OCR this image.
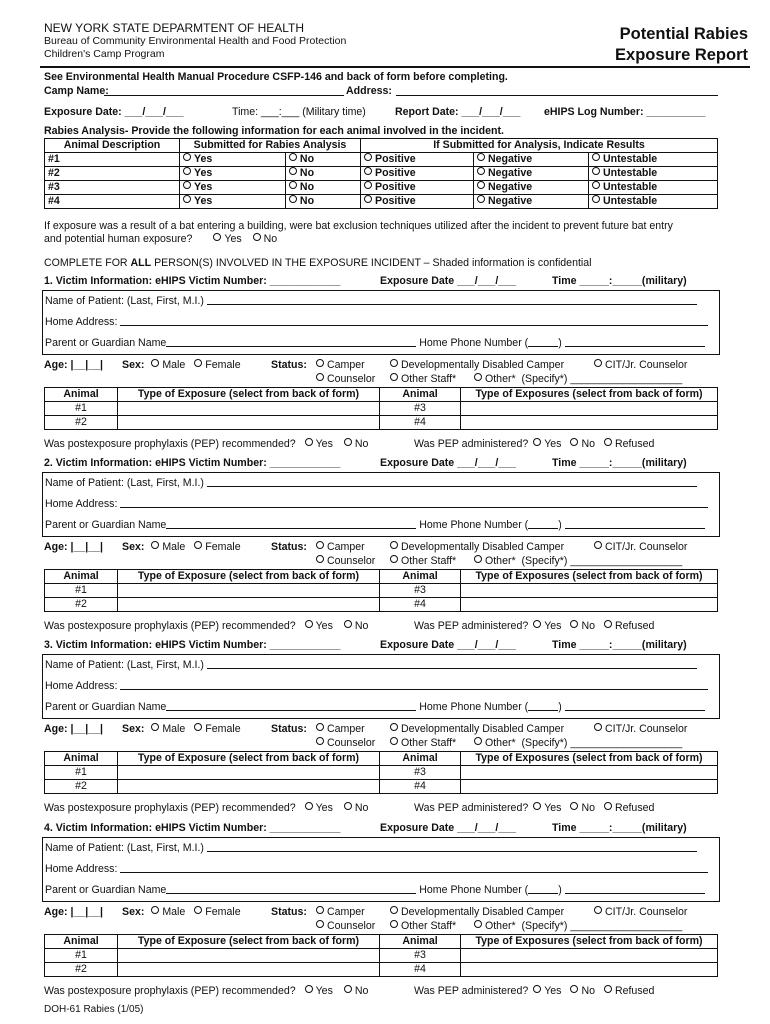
NEW YORK STATE DEPARMTENT OF HEALTH
Bureau of Community Environmental Health and Food Protection
Children's Camp Program
Potential Rabies
Exposure Report
See Environmental Health Manual Procedure CSFP-146 and back of form before completing.
Camp Name:	Address:
Exposure Date: ___/___/___	Time: ___:___ (Military time)	Report Date: ___/___/___ eHIPS Log Number: __________
Rabies Analysis- Provide the following information for each animal involved in the incident.
Animal Description	Submitted for Rabies Analysis		If Submitted for Analysis, Indicate Results		
#1	Yes	No	Positive	Negative	Untestable
#2	Yes	No	Positive	Negative	Untestable
#3	Yes	No	Positive	Negative	Untestable
#4	Yes	No	Positive	Negative	Untestable
If exposure was a result of a bat entering a building, were bat exclusion techniques utilized after the incident to prevent future bat entry
and potential human exposure?	Yes No
COMPLETE FOR ALL PERSON(S) INVOLVED IN THE EXPOSURE INCIDENT – Shaded information is confidential
1. Victim Information: eHIPS Victim Number: ____________	Exposure Date ___/___/___	Time _____:_____(military)
Name of Patient: (Last, First, M.I.)
Home Address:
Parent or Guardian Name	Home Phone Number (	)
Age: |__|__| Sex: Male Female	Status:	Camper
Counselor
Developmentally Disabled Camper	CIT/Jr. Counselor
Other Staff*	Other* (Specify*) ___________________
Animal	Type of Exposure (select from back of form)	Animal	Type of Exposures (select from back of form)
#1		#3	
#2		#4	
Was postexposure prophylaxis (PEP) recommended? Yes No	Was PEP administered? Yes No Refused
2. Victim Information: eHIPS Victim Number: ____________	Exposure Date ___/___/___	Time _____:_____(military)
Name of Patient: (Last, First, M.I.)
Home Address:
Parent or Guardian Name	Home Phone Number (	)
Age: |__|__| Sex: Male Female	Status:	Camper
Counselor
Developmentally Disabled Camper	CIT/Jr. Counselor
Other Staff*	Other* (Specify*) ___________________
Animal	Type of Exposure (select from back of form)	Animal	Type of Exposures (select from back of form)
#1		#3	
#2		#4	
Was postexposure prophylaxis (PEP) recommended? Yes No	Was PEP administered? Yes No Refused
3. Victim Information: eHIPS Victim Number: ____________	Exposure Date ___/___/___	Time _____:_____(military)
Name of Patient: (Last, First, M.I.)
Home Address:
Parent or Guardian Name	Home Phone Number (	)
Age: |__|__| Sex: Male Female	Status:	Camper
Counselor
Developmentally Disabled Camper	CIT/Jr. Counselor
Other Staff*	Other* (Specify*) ___________________
Animal	Type of Exposure (select from back of form)	Animal	Type of Exposures (select from back of form)
#1		#3	
#2		#4	
Was postexposure prophylaxis (PEP) recommended? Yes No	Was PEP administered? Yes No Refused
4. Victim Information: eHIPS Victim Number: ____________	Exposure Date ___/___/___	Time _____:_____(military)
Name of Patient: (Last, First, M.I.)
Home Address:
Parent or Guardian Name	Home Phone Number (	)
Age: |__|__| Sex: Male Female	Status:	Camper
Counselor
Developmentally Disabled Camper	CIT/Jr. Counselor
Other Staff*	Other* (Specify*) ___________________
Animal	Type of Exposure (select from back of form)	Animal	Type of Exposures (select from back of form)
#1		#3	
#2		#4	
Was postexposure prophylaxis (PEP) recommended? Yes No	Was PEP administered? Yes No Refused
DOH-61 Rabies (1/05)
